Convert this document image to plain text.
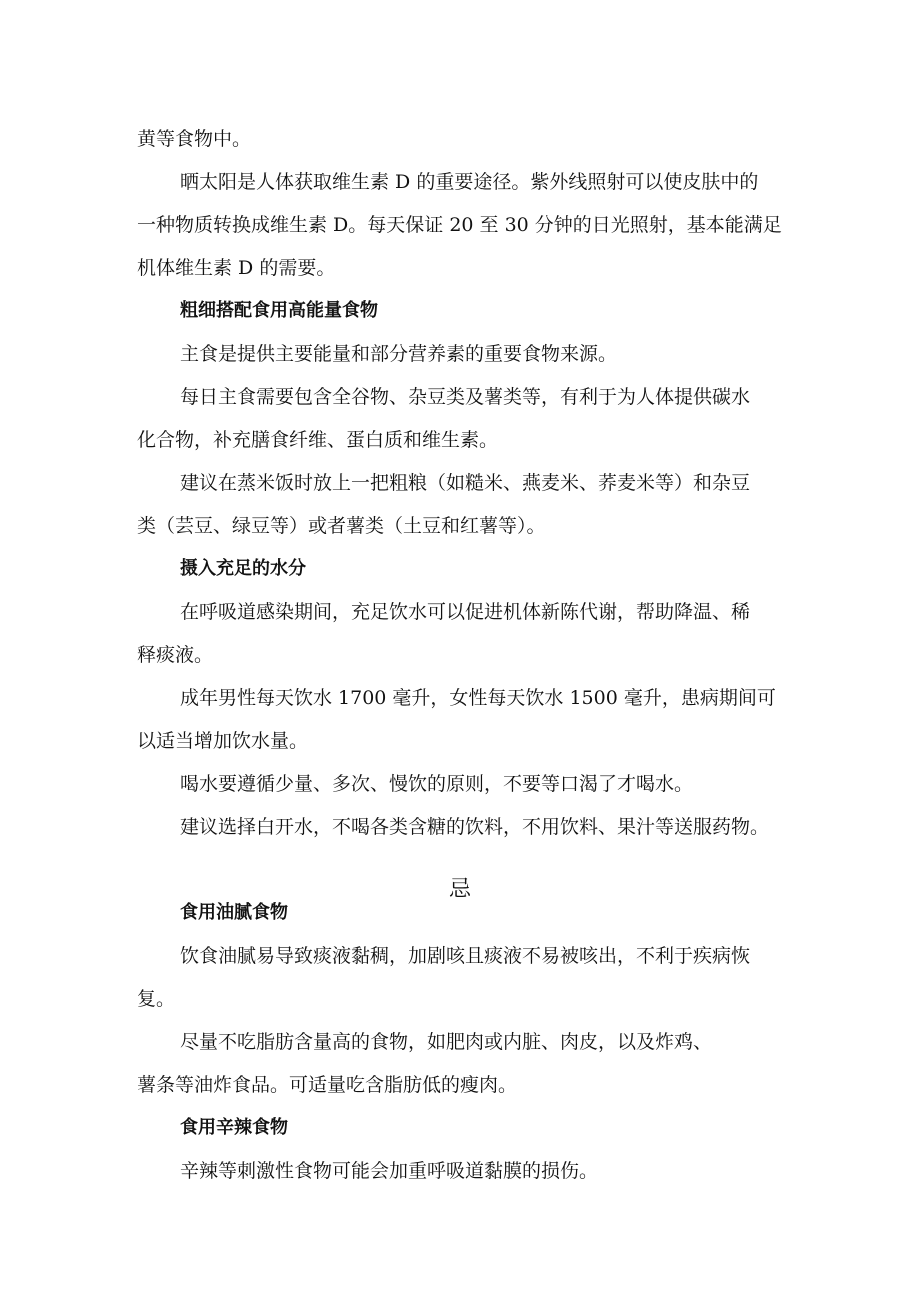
黄等食物中。

晒太阳是人体获取维生素 D 的重要途径。紫外线照射可以使皮肤中的

一种物质转换成维生素 D。每天保证 20 至 30 分钟的日光照射，基本能满足

机体维生素 D 的需要。

粗细搭配食用高能量食物

主食是提供主要能量和部分营养素的重要食物来源。

每日主食需要包含全谷物、杂豆类及薯类等，有利于为人体提供碳水

化合物，补充膳食纤维、蛋白质和维生素。

建议在蒸米饭时放上一把粗粮（如糙米、燕麦米、荞麦米等）和杂豆

类（芸豆、绿豆等）或者薯类（土豆和红薯等）。

摄入充足的水分

在呼吸道感染期间，充足饮水可以促进机体新陈代谢，帮助降温、稀

释痰液。

成年男性每天饮水 1700 毫升，女性每天饮水 1500 毫升，患病期间可

以适当增加饮水量。

喝水要遵循少量、多次、慢饮的原则，不要等口渴了才喝水。

建议选择白开水，不喝各类含糖的饮料，不用饮料、果汁等送服药物。

忌

食用油腻食物

饮食油腻易导致痰液黏稠，加剧咳且痰液不易被咳出，不利于疾病恢

复。

尽量不吃脂肪含量高的食物，如肥肉或内脏、肉皮，以及炸鸡、

薯条等油炸食品。可适量吃含脂肪低的瘦肉。

食用辛辣食物

辛辣等刺激性食物可能会加重呼吸道黏膜的损伤。
